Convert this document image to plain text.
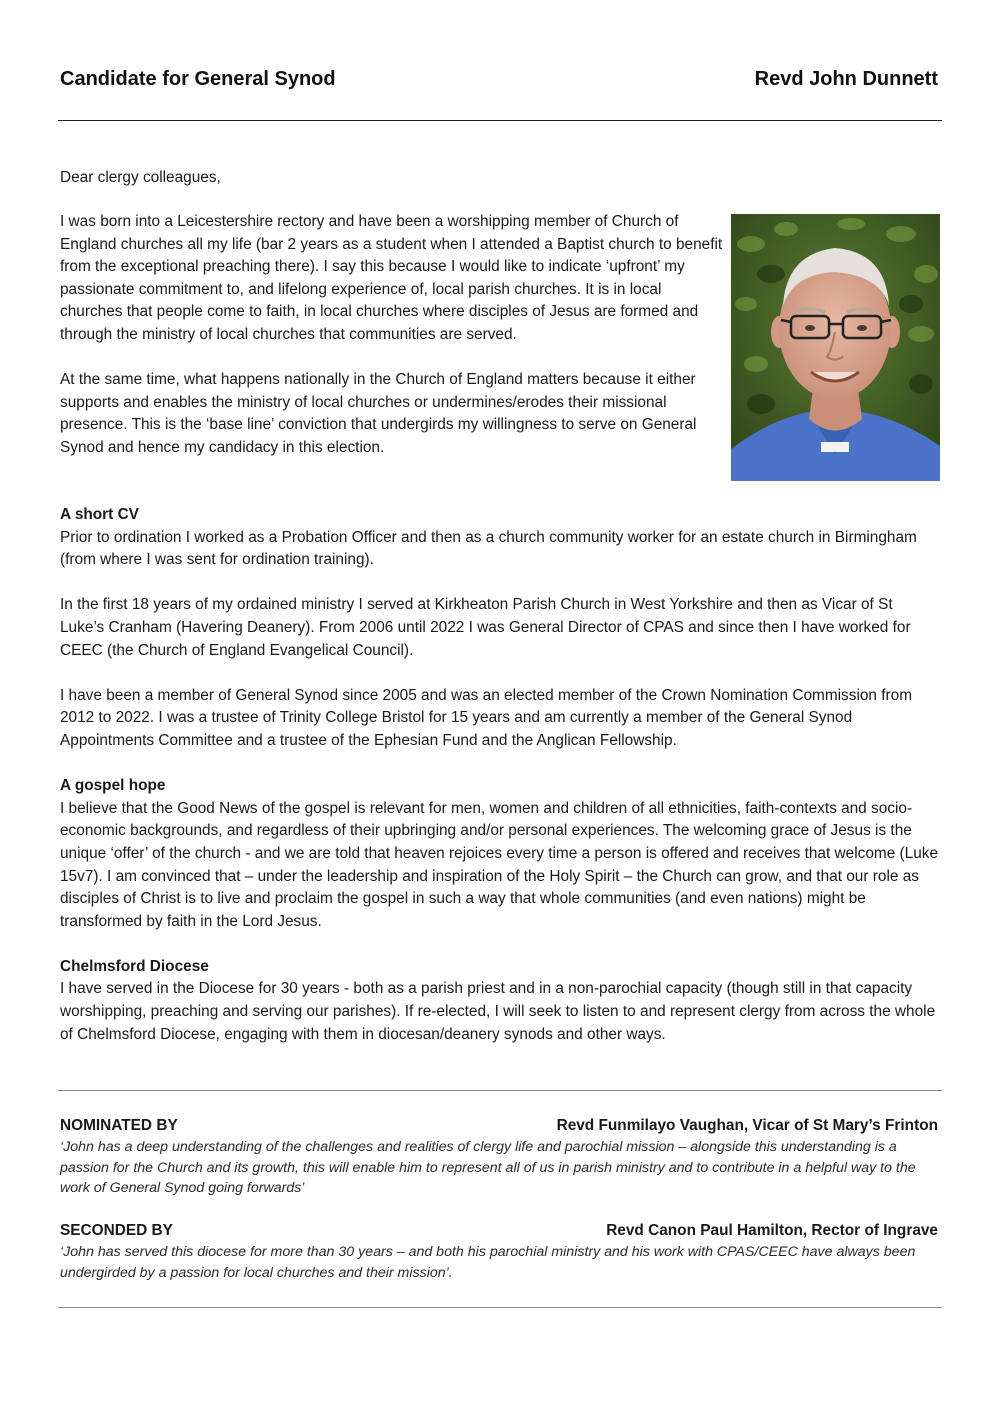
Candidate for General Synod	Revd John Dunnett

Dear clergy colleagues,

I was born into a Leicestershire rectory and have been a worshipping member of Church of England churches all my life (bar 2 years as a student when I attended a Baptist church to benefit from the exceptional preaching there). I say this because I would like to indicate ‘upfront’ my passionate commitment to, and lifelong experience of, local parish churches. It is in local churches that people come to faith, in local churches where disciples of Jesus are formed and through the ministry of local churches that communities are served.

At the same time, what happens nationally in the Church of England matters because it either supports and enables the ministry of local churches or undermines/erodes their missional presence. This is the ‘base line’ conviction that undergirds my willingness to serve on General Synod and hence my candidacy in this election.

A short CV

Prior to ordination I worked as a Probation Officer and then as a church community worker for an estate church in Birmingham (from where I was sent for ordination training).

In the first 18 years of my ordained ministry I served at Kirkheaton Parish Church in West Yorkshire and then as Vicar of St Luke’s Cranham (Havering Deanery). From 2006 until 2022 I was General Director of CPAS and since then I have worked for CEEC (the Church of England Evangelical Council).

I have been a member of General Synod since 2005 and was an elected member of the Crown Nomination Commission from 2012 to 2022. I was a trustee of Trinity College Bristol for 15 years and am currently a member of the General Synod Appointments Committee and a trustee of the Ephesian Fund and the Anglican Fellowship.

A gospel hope

I believe that the Good News of the gospel is relevant for men, women and children of all ethnicities, faith-contexts and socio-economic backgrounds, and regardless of their upbringing and/or personal experiences. The welcoming grace of Jesus is the unique ‘offer’ of the church - and we are told that heaven rejoices every time a person is offered and receives that welcome (Luke 15v7). I am convinced that – under the leadership and inspiration of the Holy Spirit – the Church can grow, and that our role as disciples of Christ is to live and proclaim the gospel in such a way that whole communities (and even nations) might be transformed by faith in the Lord Jesus.

Chelmsford Diocese

I have served in the Diocese for 30 years - both as a parish priest and in a non-parochial capacity (though still in that capacity worshipping, preaching and serving our parishes). If re-elected, I will seek to listen to and represent clergy from across the whole of Chelmsford Diocese, engaging with them in diocesan/deanery synods and other ways.

NOMINATED BY	Revd Funmilayo Vaughan, Vicar of St Mary’s Frinton
‘John has a deep understanding of the challenges and realities of clergy life and parochial mission – alongside this understanding is a passion for the Church and its growth, this will enable him to represent all of us in parish ministry and to contribute in a helpful way to the work of General Synod going forwards’
SECONDED BY	Revd Canon Paul Hamilton, Rector of Ingrave
‘John has served this diocese for more than 30 years – and both his parochial ministry and his work with CPAS/CEEC have always been undergirded by a passion for local churches and their mission’.
